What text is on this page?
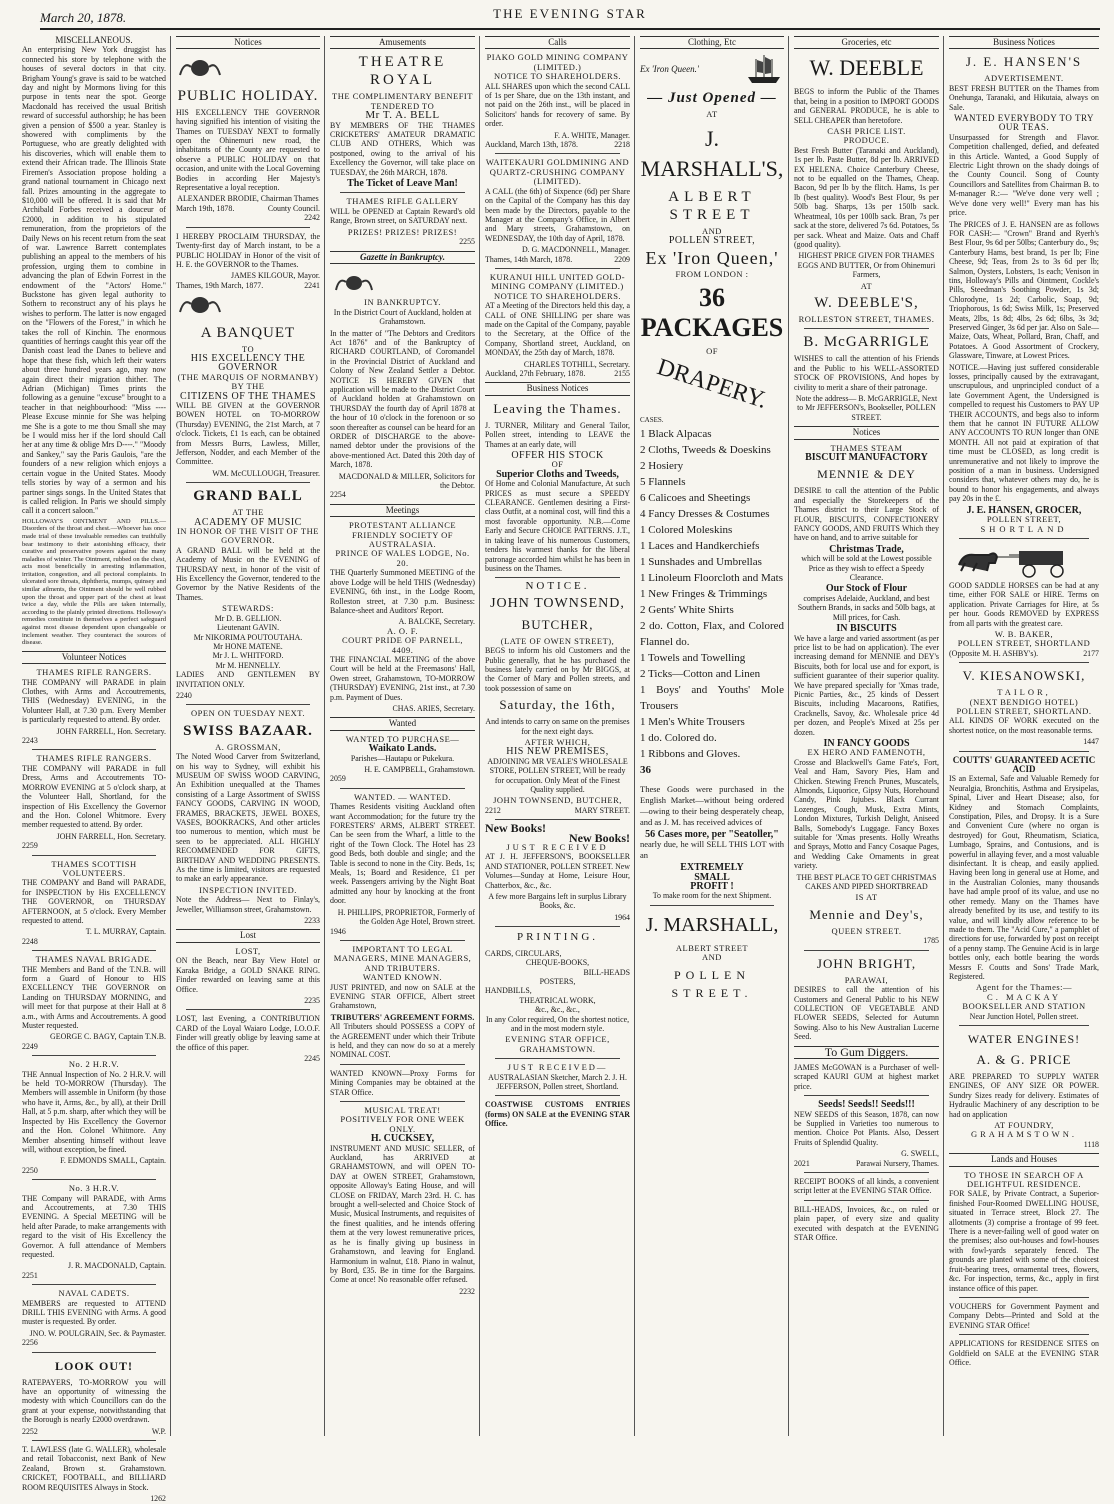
March 20, 1878.	THE EVENING STAR
MISCELLANEOUS.

An enterprising New York druggist has connected his store by telephone with the houses of several doctors in that city. Brigham Young's grave is said to be watched day and night by Mormons living for this purpose in tents near the spot. George Macdonald has received the usual British reward of successful authorship; he has been given a pension of $500 a year. Stanley is showered with compliments by the Portuguese, who are greatly delighted with his discoveries, which will enable them to extend their African trade. The Illinois State Firemen's Association propose holding a grand national tournament in Chicago next fall. Prizes amounting in the aggregate to $10,000 will be offered. It is said that Mr Archibald Forbes received a douceur of £2000, in addition to his stipulated remuneration, from the proprietors of the Daily News on his recent return from the seat of war. Lawrence Barrett contemplates publishing an appeal to the members of his profession, urging them to combine in advancing the plan of Edwin Forrest in the endowment of the "Actors' Home." Buckstone has given legal authority to Sothern to reconstruct any of his plays he wishes to perform. The latter is now engaged on the "Flowers of the Forest," in which he takes the roll of Kinchin. The enormous quantities of herrings caught this year off the Danish coast lead the Danes to believe and hope that these fish, which left their waters about three hundred years ago, may now again direct their migration thither. The Adrian (Michigan) Times prints the following as a genuine "excuse" brought to a teacher in that neighbourhood: "Miss ---- Please Excuse minnie for She was helping me She is a gote to me thou Small she may be I would miss her if the lord should Call her at any time & oblige Mrs D----." "Moody and Sankey," say the Paris Gaulois, "are the founders of a new religion which enjoys a certain vogue in the United States. Moody tells stories by way of a sermon and his partner sings songs. In the United States that is called religion. In Paris we should simply call it a concert saloon."

HOLLOWAY'S OINTMENT AND PILLS.—Disorders of the throat and chest.—Whoever has once made trial of these invaluable remedies can truthfully bear testimony to their astonishing efficacy, their curative and preservative powers against the many maladies of winter. The Ointment, rubbed on the chest, acts most beneficially in arresting inflammation, irritation, congestion, and all pectoral complaints. In ulcerated sore throats, diphtheria, mumps, quinsey and similar ailments, the Ointment should be well rubbed upon the throat and upper part of the chest at least twice a day, while the Pills are taken internally, according to the plainly printed directions. Holloway's remedies constitute in themselves a perfect safeguard against most disease dependent upon changeable or inclement weather. They counteract the sources of disease.

Volunteer Notices
THAMES RIFLE RANGERS.

THE COMPANY will PARADE in plain Clothes, with Arms and Accoutrements, THIS (Wednesday) EVENING, in the Volunteer Hall, at 7.30 p.m. Every Member is particularly requested to attend. By order.

JOHN FARRELL, Hon. Secretary.
2243
THAMES RIFLE RANGERS.

THE COMPANY will PARADE in full Dress, Arms and Accoutrements TO-MORROW EVENING at 5 o'clock sharp, at the Volunteer Hall, Shortland, for the inspection of His Excellency the Governor and the Hon. Colonel Whitmore. Every member requested to attend. By order.

JOHN FARRELL, Hon. Secretary.
2259
THAMES SCOTTISH VOLUNTEERS.

THE COMPANY and Band will PARADE, for INSPECTION by His EXCELLENCY THE GOVERNOR, on THURSDAY AFTERNOON, at 5 o'clock. Every Member requested to attend.

T. L. MURRAY, Captain.
2248
THAMES NAVAL BRIGADE.

THE Members and Band of the T.N.B. will form a Guard of Honour to HIS EXCELLENCY THE GOVERNOR on Landing on THURSDAY MORNING, and will meet for that purpose at their Hall at 8 a.m., with Arms and Accoutrements. A good Muster requested.

GEORGE C. BAGY, Captain T.N.B.
2249
No. 2 H.R.V.

THE Annual Inspection of No. 2 H.R.V. will be held TO-MORROW (Thursday). The Members will assemble in Uniform (by those who have it, Arms, &c., by all), at their Drill Hall, at 5 p.m. sharp, after which they will be Inspected by His Excellency the Governor and the Hon. Colonel Whitmore. Any Member absenting himself without leave will, without exception, be fined.

F. EDMONDS SMALL, Captain.
2250
No. 3 H.R.V.

THE Company will PARADE, with Arms and Accoutrements, at 7.30 THIS EVENING. A Special MEETING will be held after Parade, to make arrangements with regard to the visit of His Excellency the Governor. A full attendance of Members requested.

J. R. MACDONALD, Captain.
2251
NAVAL CADETS.

MEMBERS are requested to ATTEND DRILL THIS EVENING with Arms. A good muster is requested. By order.

JNO. W. POULGRAIN, Sec. & Paymaster.
2256
LOOK OUT!

RATEPAYERS, TO-MORROW you will have an opportunity of witnessing the modesty with which Councillors can do the grant at your expense, notwithstanding that the Borough is nearly £2000 overdrawn.

2252	W.P.

T. LAWLESS (late G. WALLER), wholesale and retail Tobacconist, next Bank of New Zealand, Brown st. Grahamstown. CRICKET, FOOTBALL, and BILLIARD ROOM REQUISITES Always in Stock.

1262
Notices
PUBLIC HOLIDAY.

HIS EXCELLENCY THE GOVERNOR having signified his intention of visiting the Thames on TUESDAY NEXT to formally open the Ohinemuri new road, the inhabitants of the County are requested to observe a PUBLIC HOLIDAY on that occasion, and unite with the Local Governing Bodies in according Her Majesty's Representative a loyal reception.

ALEXANDER BRODIE, Chairman Thames
March 19th, 1878.	County Council.
2242

I HEREBY PROCLAIM THURSDAY, the Twenty-first day of March instant, to be a PUBLIC HOLIDAY in Honor of the visit of H. E. the GOVERNOR to the Thames.

JAMES KILGOUR, Mayor.
Thames, 19th March, 1877.	2241
A BANQUET
TO
HIS EXCELLENCY THE
GOVERNOR
(THE MARQUIS OF NORMANBY)
BY THE
CITIZENS OF THE THAMES

WILL BE GIVEN at the GOVERNOR BOWEN HOTEL on TO-MORROW (Thursday) EVENING, the 21st March, at 7 o'clock. Tickets, £1 1s each, can be obtained from Messrs Burrs, Lawless, Miller, Jefferson, Nodder, and each Member of the Committee.

WM. McCULLOUGH, Treasurer.
GRAND BALL
AT THE
ACADEMY OF MUSIC
IN HONOR OF THE VISIT OF THE
GOVERNOR.

A GRAND BALL will be held at the Academy of Music on the EVENING of THURSDAY next, in honor of the visit of His Excellency the Governor, tendered to the Governor by the Native Residents of the Thames.

STEWARDS:
Mr D. B. GELLION.
Lieutenant GAVIN.
Mr NIKORIMA POUTOUTAHA.
Mr HONE MATENE.
Mr J. L. WHITFORD.
Mr M. HENNELLY.

LADIES AND GENTLEMEN BY INVITATION ONLY.

2240
OPEN ON TUESDAY NEXT.
SWISS BAZAAR.
A. GROSSMAN,

The Noted Wood Carver from Switzerland, on his way to Sydney, will exhibit his MUSEUM OF SWISS WOOD CARVING, An Exhibition unequalled at the Thames consisting of a Large Assortment of SWISS FANCY GOODS, CARVING IN WOOD, FRAMES, BRACKETS, JEWEL BOXES, VASES, BOOKRACKS, And other articles too numerous to mention, which must be seen to be appreciated. ALL HIGHLY RECOMMENDED FOR GIFTS, BIRTHDAY AND WEDDING PRESENTS. As the time is limited, visitors are requested to make an early appearance.

INSPECTION INVITED.

Note the Address— Next to Finlay's, Jeweller, Williamson street, Grahamstown.

2233
Lost
LOST,

ON the Beach, near Bay View Hotel or Karaka Bridge, a GOLD SNAKE RING. Finder rewarded on leaving same at this Office.

2235

LOST, last Evening, a CONTRIBUTION CARD of the Loyal Waiaro Lodge, I.O.O.F. Finder will greatly oblige by leaving same at the office of this paper.

2245
Amusements
THEATRE ROYAL
THE COMPLIMENTARY BENEFIT
TENDERED TO
Mr T. A. BELL

BY MEMBERS OF THE THAMES CRICKETERS' AMATEUR DRAMATIC CLUB AND OTHERS, Which was postponed, owing to the arrival of his Excellency the Governor, will take place on TUESDAY, the 26th MARCH, 1878.

The Ticket of Leave Man!
THAMES RIFLE GALLERY

WILL be OPENED at Captain Reward's old Range, Brown street, on SATURDAY next.

PRIZES! PRIZES! PRIZES!
2255
Gazette in Bankruptcy.
IN BANKRUPTCY.

In the District Court of Auckland, holden at Grahamstown.

In the matter of "The Debtors and Creditors Act 1876" and of the Bankruptcy of RICHARD COURTLAND, of Coromandel in the Provincial District of Auckland and Colony of New Zealand Settler a Debtor. NOTICE IS HEREBY GIVEN that application will be made to the District Court of Auckland holden at Grahamstown on THURSDAY the fourth day of April 1878 at the hour of 10 o'clock in the forenoon or so soon thereafter as counsel can be heard for an ORDER of DISCHARGE to the above-named debtor under the provisions of the above-mentioned Act. Dated this 20th day of March, 1878.

MACDONALD & MILLER, Solicitors for the Debtor.
2254
Meetings
PROTESTANT ALLIANCE FRIENDLY SOCIETY OF AUSTRALASIA.
PRINCE OF WALES LODGE, No. 20.

THE Quarterly Summoned MEETING of the above Lodge will be held THIS (Wednesday) EVENING, 6th inst., in the Lodge Room, Rolleston street, at 7.30 p.m. Business: Balance-sheet and Auditors' Report.

A. BALCKE, Secretary.
A. O. F.
COURT PRIDE OF PARNELL, 4409.

THE FINANCIAL MEETING of the above Court will be held at the Freemasons' Hall, Owen street, Grahamstown, TO-MORROW (THURSDAY) EVENING, 21st inst., at 7.30 p.m. Payment of Dues.

CHAS. ARIES, Secretary.
Wanted
WANTED TO PURCHASE—
Waikato Lands.

Parishes—Hautapu or Pukekura.

H. E. CAMPBELL, Grahamstown.
2059
WANTED. — WANTED.

Thames Residents visiting Auckland often want Accommodation; for the future try the FORESTERS' ARMS, ALBERT STREET. Can be seen from the Wharf, a little to the right of the Town Clock. The Hotel has 23 good Beds, both double and single; and the Table is second to none in the City. Beds, 1s; Meals, 1s; Board and Residence, £1 per week. Passengers arriving by the Night Boat admitted any hour by knocking at the front door.

H. PHILLIPS, PROPRIETOR, Formerly of the Golden Age Hotel, Brown street.
1946
IMPORTANT TO LEGAL MANAGERS, MINE MANAGERS, AND TRIBUTERS.
WANTED KNOWN.

JUST PRINTED, and now on SALE at the EVENING STAR OFFICE, Albert street Grahamstown,

TRIBUTERS' AGREEMENT FORMS.

All Tributers should POSSESS a COPY of the AGREEMENT under which their Tribute is held, and they can now do so at a merely NOMINAL COST.

WANTED KNOWN—Proxy Forms for Mining Companies may be obtained at the STAR Office.

MUSICAL TREAT!
POSITIVELY FOR ONE WEEK ONLY.
H. CUCKSEY,

INSTRUMENT AND MUSIC SELLER, of Auckland, has ARRIVED at GRAHAMSTOWN, and will OPEN TO-DAY at OWEN STREET, Grahamstown, opposite Alloway's Eating House, and will CLOSE on FRIDAY, March 23rd. H. C. has brought a well-selected and Choice Stock of Music, Musical Instruments, and requisites of the finest qualities, and he intends offering them at the very lowest remunerative prices, as he is finally giving up business in Grahamstown, and leaving for England. Harmonium in walnut, £18. Piano in walnut, by Bord, £35. Be in time for the Bargains. Come at once! No reasonable offer refused.

2232
Calls
PIAKO GOLD MINING COMPANY (LIMITED.)
NOTICE TO SHAREHOLDERS.

ALL SHARES upon which the second CALL of 1s per Share, due on the 13th instant, and not paid on the 26th inst., will be placed in Solicitors' hands for recovery of same. By order.

F. A. WHITE, Manager.
Auckland, March 13th, 1878.	2218
WAITEKAURI GOLDMINING AND QUARTZ-CRUSHING COMPANY (LIMITED).

A CALL (the 6th) of Sixpence (6d) per Share on the Capital of the Company has this day been made by the Directors, payable to the Manager at the Company's Office, in Albert and Mary streets, Grahamstown, on WEDNESDAY, the 10th day of April, 1878.

D. G. MACDONNELL, Manager.
Thames, 14th March, 1878.	2209
KURANUI HILL UNITED GOLD-MINING COMPANY (LIMITED.)
NOTICE TO SHAREHOLDERS.

AT a Meeting of the Directors held this day, a CALL of ONE SHILLING per share was made on the Capital of the Company, payable to the Secretary, at the Office of the Company, Shortland street, Auckland, on MONDAY, the 25th day of March, 1878.

CHARLES TOTHILL, Secretary.
Auckland, 27th February, 1878.	2155
Business Notices
Leaving the Thames.

J. TURNER, Military and General Tailor, Pollen street, intending to LEAVE the Thames at an early date, will

OFFER HIS STOCK
OF
Superior Cloths and Tweeds,

Of Home and Colonial Manufacture, At such PRICES as must secure a SPEEDY CLEARANCE. Gentlemen desiring a First-class Outfit, at a nominal cost, will find this a most favorable opportunity. N.B.—Come Early and Secure CHOICE PATTERNS. J.T., in taking leave of his numerous Customers, tenders his warmest thanks for the liberal patronage accorded him whilst he has been in business on the Thames.

NOTICE.
JOHN TOWNSEND,
BUTCHER,
(LATE OF OWEN STREET),

BEGS to inform his old Customers and the Public generally, that he has purchased the business lately carried on by Mr BIGGS, at the Corner of Mary and Pollen streets, and took possession of same on

Saturday, the 16th,

And intends to carry on same on the premises for the next eight days.

AFTER WHICH,
HIS NEW PREMISES,

ADJOINING MR VEALE'S WHOLESALE STORE, POLLEN STREET, Will be ready for occupation. Only Meat of the Finest Quality supplied.

JOHN TOWNSEND, BUTCHER,
2212	MARY STREET.
New Books!
New Books!
JUST RECEIVED

AT J. H. JEFFERSON'S, BOOKSELLER AND STATIONER, POLLEN STREET. New Volumes—Sunday at Home, Leisure Hour, Chatterbox, &c., &c.

A few more Bargains left in surplus Library Books, &c.

1964
PRINTING.
CARDS, CIRCULARS,
CHEQUE-BOOKS,
BILL-HEADS
POSTERS,
HANDBILLS,
THEATRICAL WORK,
&c., &c., &c.,

In any Color required, On the shortest notice, and in the most modern style.

EVENING STAR OFFICE,
GRAHAMSTOWN.
JUST RECEIVED—

AUSTRALASIAN Sketcher, March 2. J. H. JEFFERSON, Pollen street, Shortland.

COASTWISE CUSTOMS ENTRIES (forms) ON SALE at the EVENING STAR Office.

Clothing, Etc
Ex 'Iron Queen.'
— Just Opened —
AT
J. MARSHALL'S,
ALBERT STREET
AND
POLLEN STREET,
Ex 'Iron Queen,'
FROM LONDON :
36 PACKAGES
OF
DRAPERY.
CASES.

1 Black Alpacas

2 Cloths, Tweeds & Doeskins

2 Hosiery

5 Flannels

6 Calicoes and Sheetings

4 Fancy Dresses & Costumes

1 Colored Moleskins

1 Laces and Handkerchiefs

1 Sunshades and Umbrellas

1 Linoleum Floorcloth and Mats

1 New Fringes & Trimmings

2 Gents' White Shirts

2 do. Cotton, Flax, and Colored Flannel do.

1 Towels and Towelling

2 Ticks—Cotton and Linen

1 Boys' and Youths' Mole Trousers

1 Men's White Trousers

1 do. Colored do.

1 Ribbons and Gloves.

36

These Goods were purchased in the English Market—without being ordered—owing to their being desperately cheap, and as J. M. has received advices of

56 Cases more, per "Seatoller,"

nearly due, he will SELL THIS LOT with an

EXTREMELY
SMALL
PROFIT !

To make room for the next Shipment.

J. MARSHALL,
ALBERT STREET
AND
POLLEN STREET.
Groceries, etc
W. DEEBLE

BEGS to inform the Public of the Thames that, being in a position to IMPORT GOODS and GENERAL PRODUCE, he is able to SELL CHEAPER than heretofore.

CASH PRICE LIST.
PRODUCE.

Best Fresh Butter (Taranaki and Auckland), 1s per lb. Paste Butter, 8d per lb. ARRIVED EX HELENA. Choice Canterbury Cheese, not to be equalled on the Thames, Cheap. Bacon, 9d per lb by the flitch. Hams, 1s per lb (best quality). Wood's Best Flour, 9s per 50lb bag. Sharps, 13s per 150lb sack. Wheatmeal, 10s per 100lb sack. Bran, 7s per sack at the store, delivered 7s 6d. Potatoes, 5s per sack. Wheat and Maize. Oats and Chaff (good quality).

HIGHEST PRICE GIVEN FOR THAMES EGGS AND BUTTER, Or from Ohinemuri Farmers,

AT
W. DEEBLE'S,
ROLLESTON STREET, THAMES.
B. McGARRIGLE

WISHES to call the attention of his Friends and the Public to his WELL-ASSORTED STOCK OF PROVISIONS, And hopes by civility to merit a share of their patronage.

Note the address— B. McGARRIGLE, Next to Mr JEFFERSON's, Bookseller, POLLEN STREET.

Notices
THAMES STEAM
BISCUIT MANUFACTORY
MENNIE & DEY

DESIRE to call the attention of the Public and especially the Storekeepers of the Thames district to their Large Stock of FLOUR, BISCUITS, CONFECTIONERY FANCY GOODS, AND FRUITS Which they have on hand, and to arrive suitable for

Christmas Trade,

which will be sold at the Lowest possible Price as they wish to effect a Speedy Clearance.

Our Stock of Flour

comprises Adelaide, Auckland, and best Southern Brands, in sacks and 50lb bags, at Mill prices, for Cash.

IN BISCUITS

We have a large and varied assortment (as per price list to be had on application). The ever increasing demand for MENNIE and DEY's Biscuits, both for local use and for export, is sufficient guarantee of their superior quality. We have prepared specially for 'Xmas trade, Picnic Parties, &c., 25 kinds of Dessert Biscuits, including Macaroons, Ratifies, Cracknells, Savoy, &c. Wholesale price 4d per dozen, and People's Mixed at 25s per dozen.

IN FANCY GOODS
EX HERO AND FAMENOTH,

Crosse and Blackwell's Game Fate's, Fort, Veal and Ham, Savory Pies, Ham and Chicken. Stewing French Prunes, Muscatels, Almonds, Liquorice, Gipsy Nuts, Horehound Candy, Pink Jujubes. Black Currant Lozenges, Cough, Musk, Extra Mints, London Mixtures, Turkish Delight, Aniseed Balls, Somebody's Luggage. Fancy Boxes suitable for 'Xmas presents. Holly Wreaths and Sprays, Motto and Fancy Cosaque Pages, and Wedding Cake Ornaments in great variety.

THE BEST PLACE TO GET CHRISTMAS CAKES AND PIPED SHORTBREAD

IS AT
Mennie and Dey's,
QUEEN STREET.
1785
JOHN BRIGHT,
PARAWAI,

DESIRES to call the attention of his Customers and General Public to his NEW COLLECTION OF VEGETABLE AND FLOWER SEEDS, Selected for Autumn Sowing. Also to his New Australian Lucerne Seed.

To Gum Diggers.

JAMES McGOWAN is a Purchaser of well-scraped KAURI GUM at highest market price.

Seeds! Seeds!! Seeds!!!

NEW SEEDS of this Season, 1878, can now be Supplied in Varieties too numerous to mention. Choice Pot Plants. Also, Dessert Fruits of Splendid Quality.

G. SWELL,
2021	Parawai Nursery, Thames.

RECEIPT BOOKS of all kinds, a convenient script letter at the EVENING STAR Office.

BILL-HEADS, Invoices, &c., on ruled or plain paper, of every size and quality executed with despatch at the EVENING STAR Office.

Business Notices
J. E. HANSEN'S
ADVERTISEMENT.

BEST FRESH BUTTER on the Thames from Onehunga, Taranaki, and Hikutaia, always on Sale.

WANTED EVERYBODY TO TRY OUR TEAS.

Unsurpassed for Strength and Flavor. Competition challenged, defied, and defeated in this Article. Wanted, a Good Supply of Electric Light thrown on the shady doings of the County Council. Song of County Councillors and Satellites from Chairman B. to M-manager R.:— "We've done very well ; We've done very well!" Every man has his price.

The PRICES of J. E. HANSEN are as follows FOR CASH:— "Crown" Brand and Ryerh's Best Flour, 9s 6d per 50lbs; Canterbury do., 9s; Canterbury Hams, best brand, 1s per lb; Fine Cheese, 9d; Teas, from 2s to 3s 6d per lb; Salmon, Oysters, Lobsters, 1s each; Venison in tins, Holloway's Pills and Ointment, Cockle's Pills, Steedman's Soothing Powder, 1s 3d; Chlorodyne, 1s 2d; Carbolic, Soap, 9d; Triophorous, 1s 6d; Swiss Milk, 1s; Preserved Meats, 2lbs, 1s 8d; 4lbs, 2s 6d; 6lbs, 3s 3d; Preserved Ginger, 3s 6d per jar. Also on Sale— Maize, Oats, Wheat, Pollard, Bran, Chaff, and Potatoes. A Good Assortment of Crockery, Glassware, Tinware, at Lowest Prices.

NOTICE.—Having just suffered considerable losses, principally caused by the extravagant, unscrupulous, and unprincipled conduct of a late Government Agent, the Undersigned is compelled to request his Customers to PAY UP THEIR ACCOUNTS, and begs also to inform them that he cannot IN FUTURE ALLOW ANY ACCOUNTS TO RUN longer than ONE MONTH. All not paid at expiration of that time must be CLOSED, as long credit is unremunerative and not likely to improve the position of a man in business. Undersigned considers that, whatever others may do, he is bound to honor his engagements, and always pay 20s in the £.

J. E. HANSEN, GROCER,
POLLEN STREET,
SHORTLAND

GOOD SADDLE HORSES can be had at any time, either FOR SALE or HIRE. Terms on application. Private Carriages for Hire, at 5s per hour. Goods REMOVED by EXPRESS from all parts with the greatest care.

W. B. BAKER,
POLLEN STREET, SHORTLAND
(Opposite M. H. ASHBY's).	2177
V. KIESANOWSKI,
TAILOR,
(NEXT BENDIGO HOTEL)
POLLEN STREET, SHORTLAND.

ALL KINDS OF WORK executed on the shortest notice, on the most reasonable terms.

1447
COUTTS' GUARANTEED ACETIC ACID

IS an External, Safe and Valuable Remedy for Neuralgia, Bronchitis, Asthma and Erysipelas, Spinal, Liver and Heart Disease; also, for Kidney and Stomach Complaints, Constipation, Piles, and Dropsy. It is a Sure and Convenient Cure (where no organ is destroyed) for Gout, Rheumatism, Sciatica, Lumbago, Sprains, and Contusions, and is powerful in allaying fever, and a most valuable disinfectant. It is cheap, and easily applied. Having been long in general use at Home, and in the Australian Colonies, many thousands have had ample proof of its value, and use no other remedy. Many on the Thames have already benefited by its use, and testify to its value, and will kindly allow reference to be made to them. The "Acid Cure," a pamphlet of directions for use, forwarded by post on receipt of a penny stamp. The Genuine Acid is in large bottles only, each bottle bearing the words Messrs F. Coutts and Sons' Trade Mark, Registered.

Agent for the Thames:—
C. MACKAY
BOOKSELLER AND STATION
Near Junction Hotel, Pollen street.
WATER ENGINES!
A. & G. PRICE

ARE PREPARED TO SUPPLY WATER ENGINES, OF ANY SIZE OR POWER. Sundry Sizes ready for delivery. Estimates of Hydraulic Machinery of any description to be had on application

AT FOUNDRY,
GRAHAMSTOWN.
1118
Lands and Houses
TO THOSE IN SEARCH OF A DELIGHTFUL RESIDENCE.

FOR SALE, by Private Contract, a Superior-finished Four-Roomed DWELLING HOUSE, situated in Terrace street, Block 27. The allotments (3) comprise a frontage of 99 feet. There is a never-failing well of good water on the premises; also out-houses and fowl-houses with fowl-yards separately fenced. The grounds are planted with some of the choicest fruit-bearing trees, ornamental trees, flowers, &c. For inspection, terms, &c., apply in first instance office of this paper.

VOUCHERS for Government Payment and Company Debts—Printed and Sold at the EVENING STAR Office!

APPLICATIONS for RESIDENCE SITES on Goldfield on SALE at the EVENING STAR Office.
